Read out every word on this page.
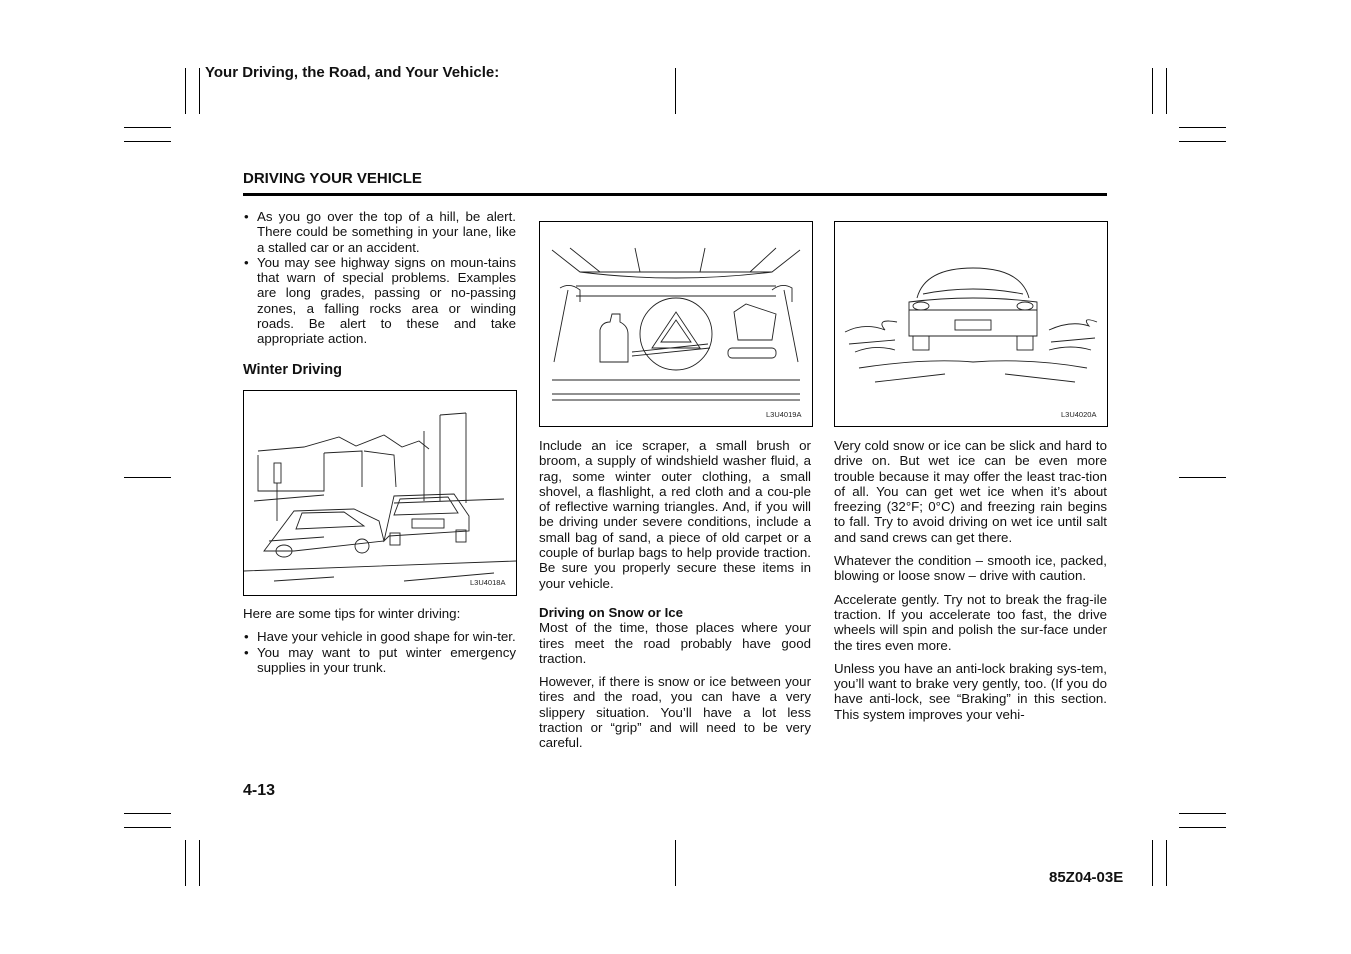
Your Driving, the Road, and Your Vehicle:
DRIVING YOUR VEHICLE
• As you go over the top of a hill, be alert. There could be something in your lane, like a stalled car or an accident.
• You may see highway signs on moun-tains that warn of special problems. Examples are long grades, passing or no-passing zones, a falling rocks area or winding roads. Be alert to these and take appropriate action.
Winter Driving
L3U4018A

Here are some tips for winter driving:

• Have your vehicle in good shape for win-ter.
• You may want to put winter emergency supplies in your trunk.
L3U4019A

Include an ice scraper, a small brush or broom, a supply of windshield washer fluid, a rag, some winter outer clothing, a small shovel, a flashlight, a red cloth and a cou-ple of reflective warning triangles. And, if you will be driving under severe conditions, include a small bag of sand, a piece of old carpet or a couple of burlap bags to help provide traction. Be sure you properly secure these items in your vehicle.

Driving on Snow or Ice

Most of the time, those places where your tires meet the road probably have good traction.

However, if there is snow or ice between your tires and the road, you can have a very slippery situation. You’ll have a lot less traction or “grip” and will need to be very careful.

L3U4020A

Very cold snow or ice can be slick and hard to drive on. But wet ice can be even more trouble because it may offer the least trac-tion of all. You can get wet ice when it’s about freezing (32°F; 0°C) and freezing rain begins to fall. Try to avoid driving on wet ice until salt and sand crews can get there.

Whatever the condition – smooth ice, packed, blowing or loose snow – drive with caution.

Accelerate gently. Try not to break the frag-ile traction. If you accelerate too fast, the drive wheels will spin and polish the sur-face under the tires even more.

Unless you have an anti-lock braking sys-tem, you’ll want to brake very gently, too. (If you do have anti-lock, see “Braking” in this section. This system improves your vehi-

4-13
85Z04-03E
